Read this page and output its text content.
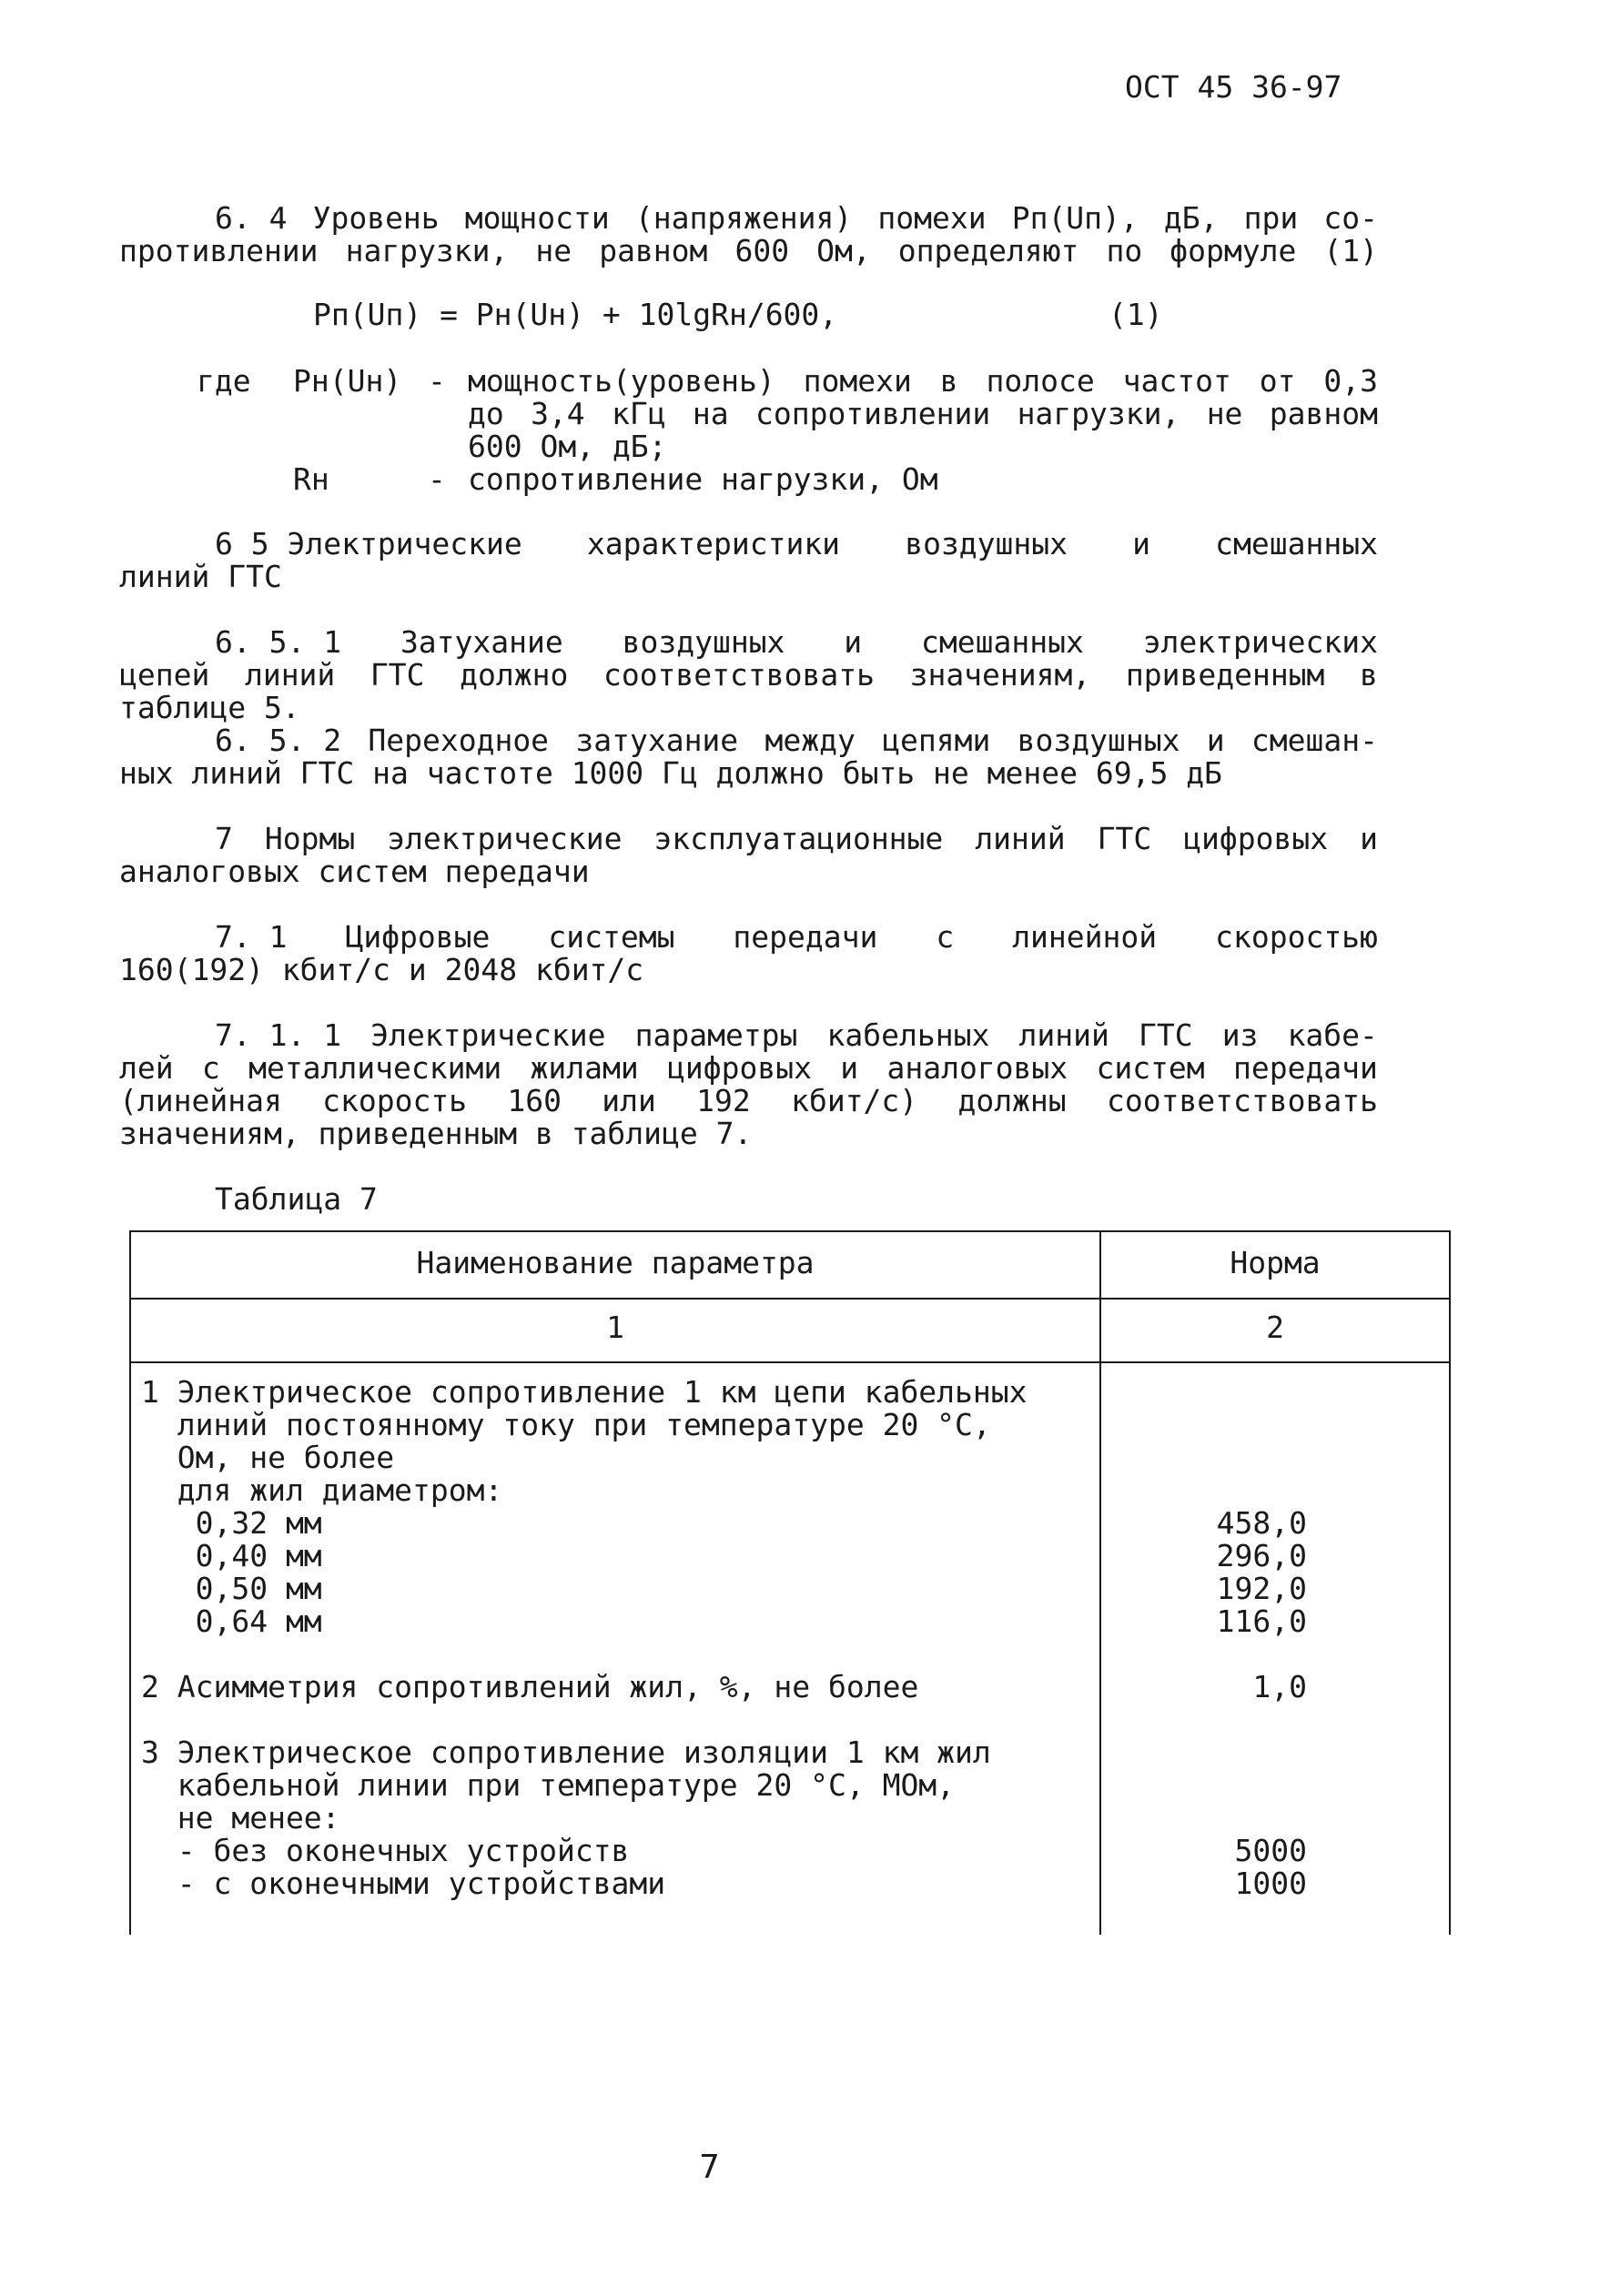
ОСТ 45 36-97
6. 4 Уровень мощности (напряжения) помехи Рп(Uп), дБ, при со-
противлении нагрузки, не равном 600 Ом, определяют по формуле (1)
Рп(Uп) = Рн(Uн) + 10lgRн/600,	(1)
где Рн(Uн) - мощность(уровень) помехи в полосе частот от 0,3
до 3,4 кГц на сопротивлении нагрузки, не равном
600 Ом, дБ;
Rн	- сопротивление нагрузки, Ом
6 5 Электрические характеристики воздушных и смешанных
линий ГТС
6. 5. 1 Затухание воздушных и смешанных электрических
цепей линий ГТС должно соответствовать значениям, приведенным в
таблице 5.
6. 5. 2 Переходное затухание между цепями воздушных и смешан-
ных линий ГТС на частоте 1000 Гц должно быть не менее 69,5 дБ
7 Нормы электрические эксплуатационные линий ГТС цифровых и
аналоговых систем передачи
7. 1 Цифровые системы передачи с линейной скоростью
160(192) кбит/с и 2048 кбит/с
7. 1. 1 Электрические параметры кабельных линий ГТС из кабе-
лей с металлическими жилами цифровых и аналоговых систем передачи
(линейная скорость 160 или 192 кбит/с) должны соответствовать
значениям, приведенным в таблице 7.
Таблица 7
Наименование параметра	Норма
1	2
1 Электрическое сопротивление 1 км цепи кабельных
линий постоянному току при температуре 20 °С,
Ом, не более
для жил диаметром:
0,32 мм	458,0
0,40 мм	296,0
0,50 мм	192,0
0,64 мм	116,0
2 Асимметрия сопротивлений жил, %, не более	1,0
3 Электрическое сопротивление изоляции 1 км жил
кабельной линии при температуре 20 °С, МОм,
не менее:
- без оконечных устройств	5000
- с оконечными устройствами	1000
7
